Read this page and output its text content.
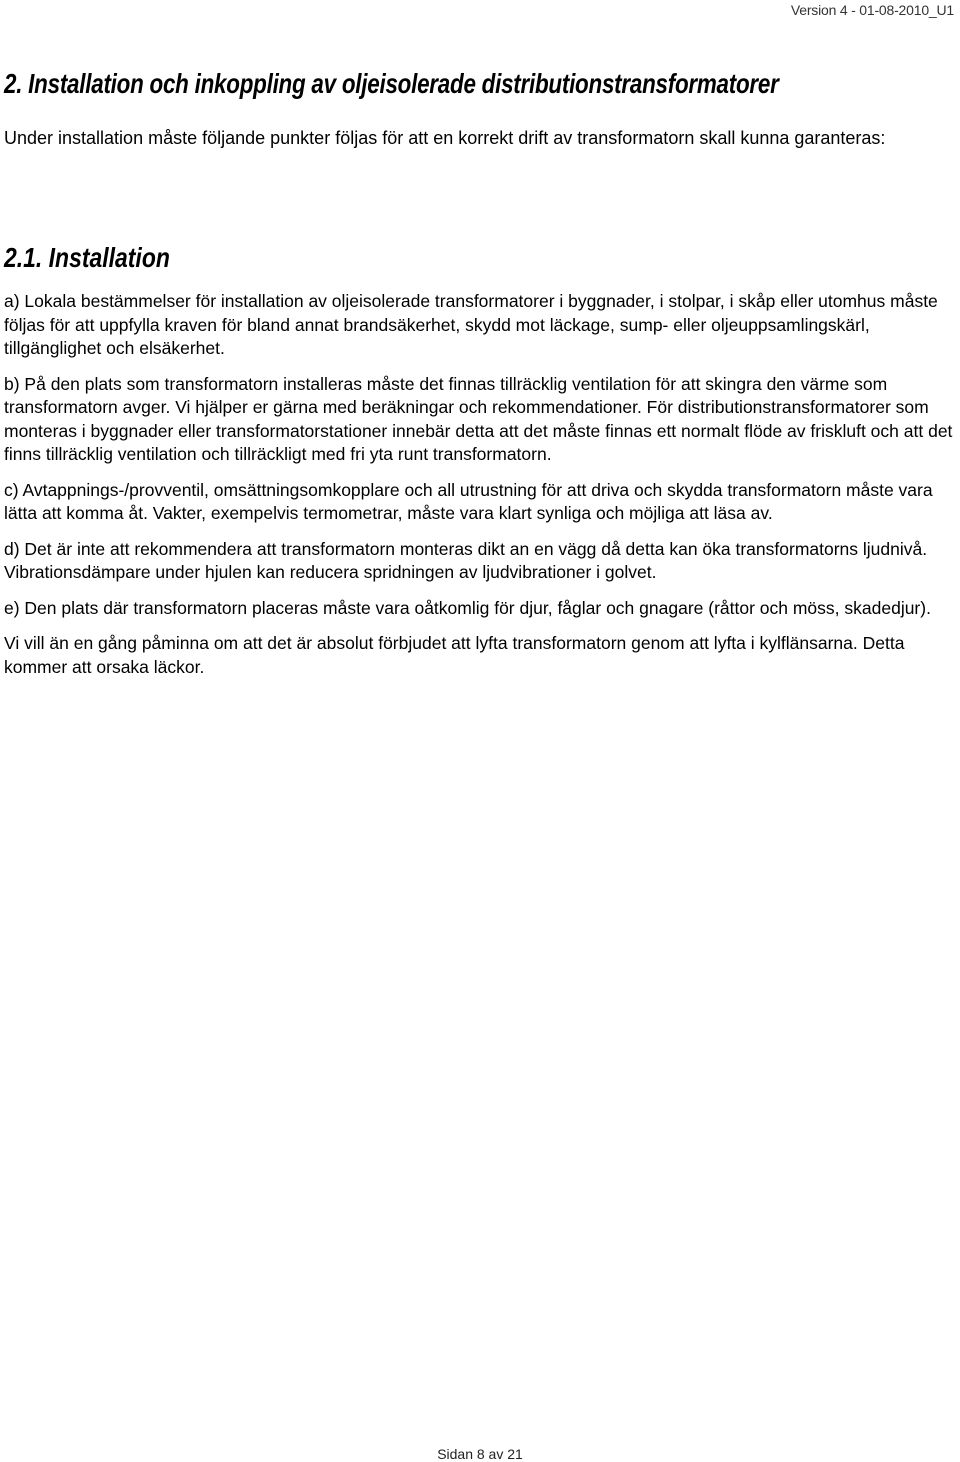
Version 4 - 01-08-2010_U1
2. Installation och inkoppling av oljeisolerade distributionstransformatorer

Under installation måste följande punkter följas för att en korrekt drift av transformatorn skall kunna garanteras:

2.1. Installation

a) Lokala bestämmelser för installation av oljeisolerade transformatorer i byggnader, i stolpar, i skåp eller utomhus måste följas för att uppfylla kraven för bland annat brandsäkerhet, skydd mot läckage, sump- eller oljeuppsamlingskärl, tillgänglighet och elsäkerhet.

b) På den plats som transformatorn installeras måste det finnas tillräcklig ventilation för att skingra den värme som transformatorn avger. Vi hjälper er gärna med beräkningar och rekommendationer. För distributionstransformatorer som monteras i byggnader eller transformatorstationer innebär detta att det måste finnas ett normalt flöde av friskluft och att det finns tillräcklig ventilation och tillräckligt med fri yta runt transformatorn.

c) Avtappnings-/provventil, omsättningsomkopplare och all utrustning för att driva och skydda transformatorn måste vara lätta att komma åt. Vakter, exempelvis termometrar, måste vara klart synliga och möjliga att läsa av.

d) Det är inte att rekommendera att transformatorn monteras dikt an en vägg då detta kan öka transformatorns ljudnivå. Vibrationsdämpare under hjulen kan reducera spridningen av ljudvibrationer i golvet.

e) Den plats där transformatorn placeras måste vara oåtkomlig för djur, fåglar och gnagare (råttor och möss, skadedjur).

Vi vill än en gång påminna om att det är absolut förbjudet att lyfta transformatorn genom att lyfta i kylflänsarna. Detta kommer att orsaka läckor.

Sidan 8 av 21
